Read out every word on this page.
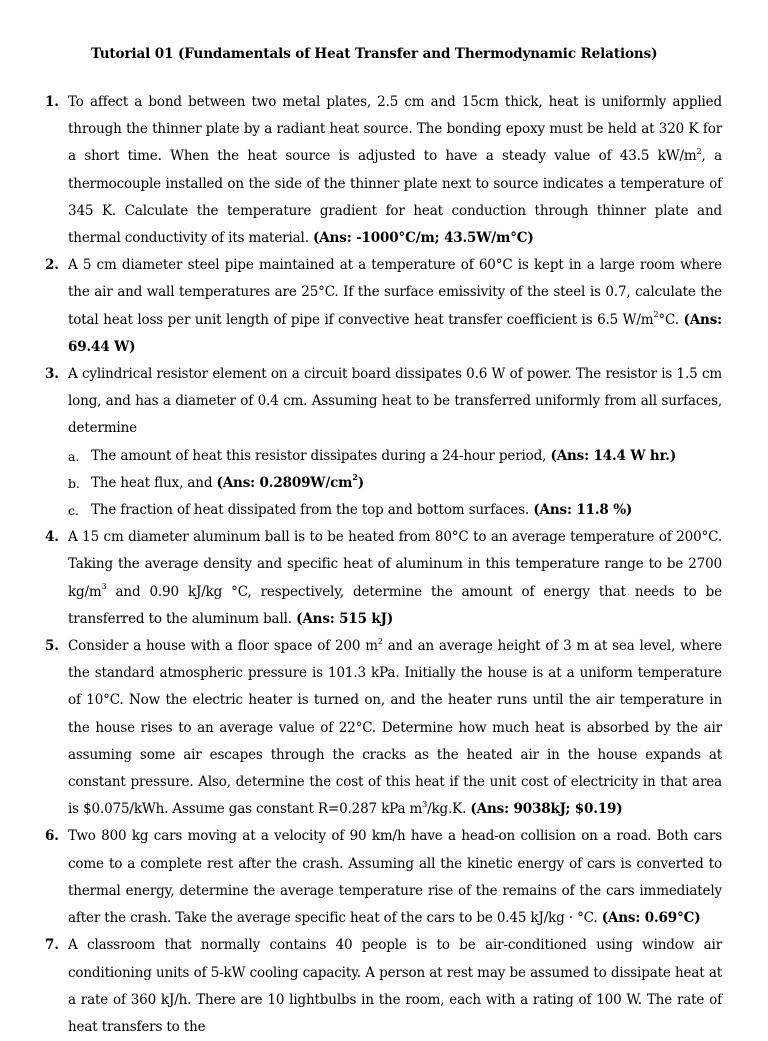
Tutorial 01 (Fundamentals of Heat Transfer and Thermodynamic Relations)
1. To affect a bond between two metal plates, 2.5 cm and 15cm thick, heat is uniformly applied through the thinner plate by a radiant heat source. The bonding epoxy must be held at 320 K for a short time. When the heat source is adjusted to have a steady value of 43.5 $kW/m^2$, a thermocouple installed on the side of the thinner plate next to source indicates a temperature of 345 K. Calculate the temperature gradient for heat conduction through thinner plate and thermal conductivity of its material. (Ans: -1000°C/m; 43.5W/m°C)
2. A 5 cm diameter steel pipe maintained at a temperature of 60°C is kept in a large room where the air and wall temperatures are 25°C. If the surface emissivity of the steel is 0.7, calculate the total heat loss per unit length of pipe if convective heat transfer coefficient is 6.5 $W/m^2^\circ C$. (Ans: 69.44 W)
3. A cylindrical resistor element on a circuit board dissipates 0.6 W of power. The resistor is 1.5 cm long, and has a diameter of 0.4 cm. Assuming heat to be transferred uniformly from all surfaces, determine
a. The amount of heat this resistor dissipates during a 24-hour period, (Ans: 14.4 W hr.)
b. The heat flux, and (Ans: $0.2809W/cm^2$)
c. The fraction of heat dissipated from the top and bottom surfaces. (Ans: 11.8 %)
4. A 15 cm diameter aluminum ball is to be heated from 80°C to an average temperature of 200°C. Taking the average density and specific heat of aluminum in this temperature range to be 2700 $kg/m^3$ and 0.90 kJ/kg °C, respectively, determine the amount of energy that needs to be transferred to the aluminum ball. (Ans: 515 kJ)
5. Consider a house with a floor space of 200 $m^2$ and an average height of 3 m at sea level, where the standard atmospheric pressure is 101.3 kPa. Initially the house is at a uniform temperature of 10°C. Now the electric heater is turned on, and the heater runs until the air temperature in the house rises to an average value of 22°C. Determine how much heat is absorbed by the air assuming some air escapes through the cracks as the heated air in the house expands at constant pressure. Also, determine the cost of this heat if the unit cost of electricity in that area is $0.075/kWh. Assume gas constant R=0.287 kPa $m^3/kg.K$. (Ans: 9038kJ; $0.19)
6. Two 800 kg cars moving at a velocity of 90 km/h have a head-on collision on a road. Both cars come to a complete rest after the crash. Assuming all the kinetic energy of cars is converted to thermal energy, determine the average temperature rise of the remains of the cars immediately after the crash. Take the average specific heat of the cars to be 0.45 kJ/kg · °C. (Ans: 0.69°C)
7. A classroom that normally contains 40 people is to be air-conditioned using window air conditioning units of 5-kW cooling capacity. A person at rest may be assumed to dissipate heat at a rate of 360 kJ/h. There are 10 lightbulbs in the room, each with a rating of 100 W. The rate of heat transfers to the
